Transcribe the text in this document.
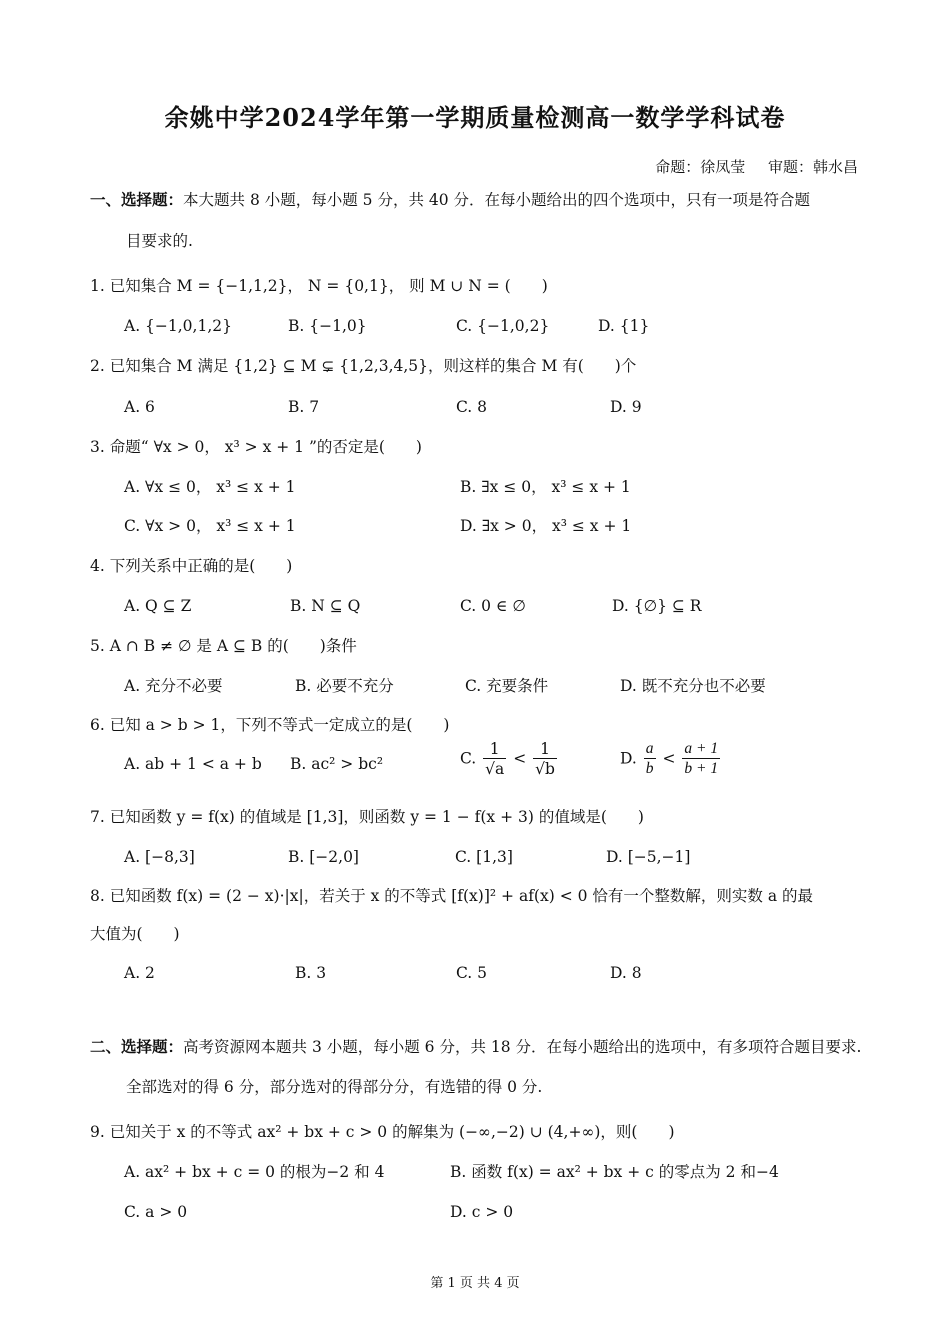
余姚中学2024学年第一学期质量检测高一数学学科试卷
命题：徐凤莹 审题：韩水昌
一、选择题：本大题共 8 小题，每小题 5 分，共 40 分．在每小题给出的四个选项中，只有一项是符合题
目要求的.
1. 已知集合 M = {−1,1,2}， N = {0,1}， 则 M ∪ N = (　　)
A. {−1,0,1,2}	B. {−1,0}	C. {−1,0,2}	D. {1}
2. 已知集合 M 满足 {1,2} ⊆ M ⊊ {1,2,3,4,5}，则这样的集合 M 有(　　)个
A. 6	B. 7	C. 8	D. 9
3. 命题“ ∀x > 0， x³ > x + 1 ”的否定是(　　)
A. ∀x ≤ 0， x³ ≤ x + 1	B. ∃x ≤ 0， x³ ≤ x + 1
C. ∀x > 0， x³ ≤ x + 1	D. ∃x > 0， x³ ≤ x + 1
4. 下列关系中正确的是(　　)
A. Q ⊆ Z	B. N ⊆ Q	C. 0 ∈ ∅	D. {∅} ⊆ R
5. A ∩ B ≠ ∅ 是 A ⊆ B 的(　　)条件
A. 充分不必要	B. 必要不充分	C. 充要条件	D. 既不充分也不必要
6. 已知 a > b > 1，下列不等式一定成立的是(　　)
A. ab + 1 < a + b B. ac² > bc²	C. $\frac{1}{√a} < \frac{1}{√b}$	D. $\frac{a}{b} < \frac{a + 1}{b + 1}$
7. 已知函数 y = f(x) 的值域是 [1,3]，则函数 y = 1 − f(x + 3) 的值域是(　　)
A. [−8,3]	B. [−2,0]	C. [1,3]	D. [−5,−1]
8. 已知函数 f(x) = (2 − x)·|x|，若关于 x 的不等式 [f(x)]² + af(x) < 0 恰有一个整数解，则实数 a 的最
大值为(　　)
A. 2	B. 3	C. 5	D. 8
二、选择题：高考资源网本题共 3 小题，每小题 6 分，共 18 分．在每小题给出的选项中，有多项符合题目要求.
全部选对的得 6 分，部分选对的得部分分，有选错的得 0 分.
9. 已知关于 x 的不等式 ax² + bx + c > 0 的解集为 (−∞,−2) ∪ (4,+∞)，则(　　)
A. ax² + bx + c = 0 的根为−2 和 4	B. 函数 f(x) = ax² + bx + c 的零点为 2 和−4
C. a > 0	D. c > 0
第 1 页 共 4 页
